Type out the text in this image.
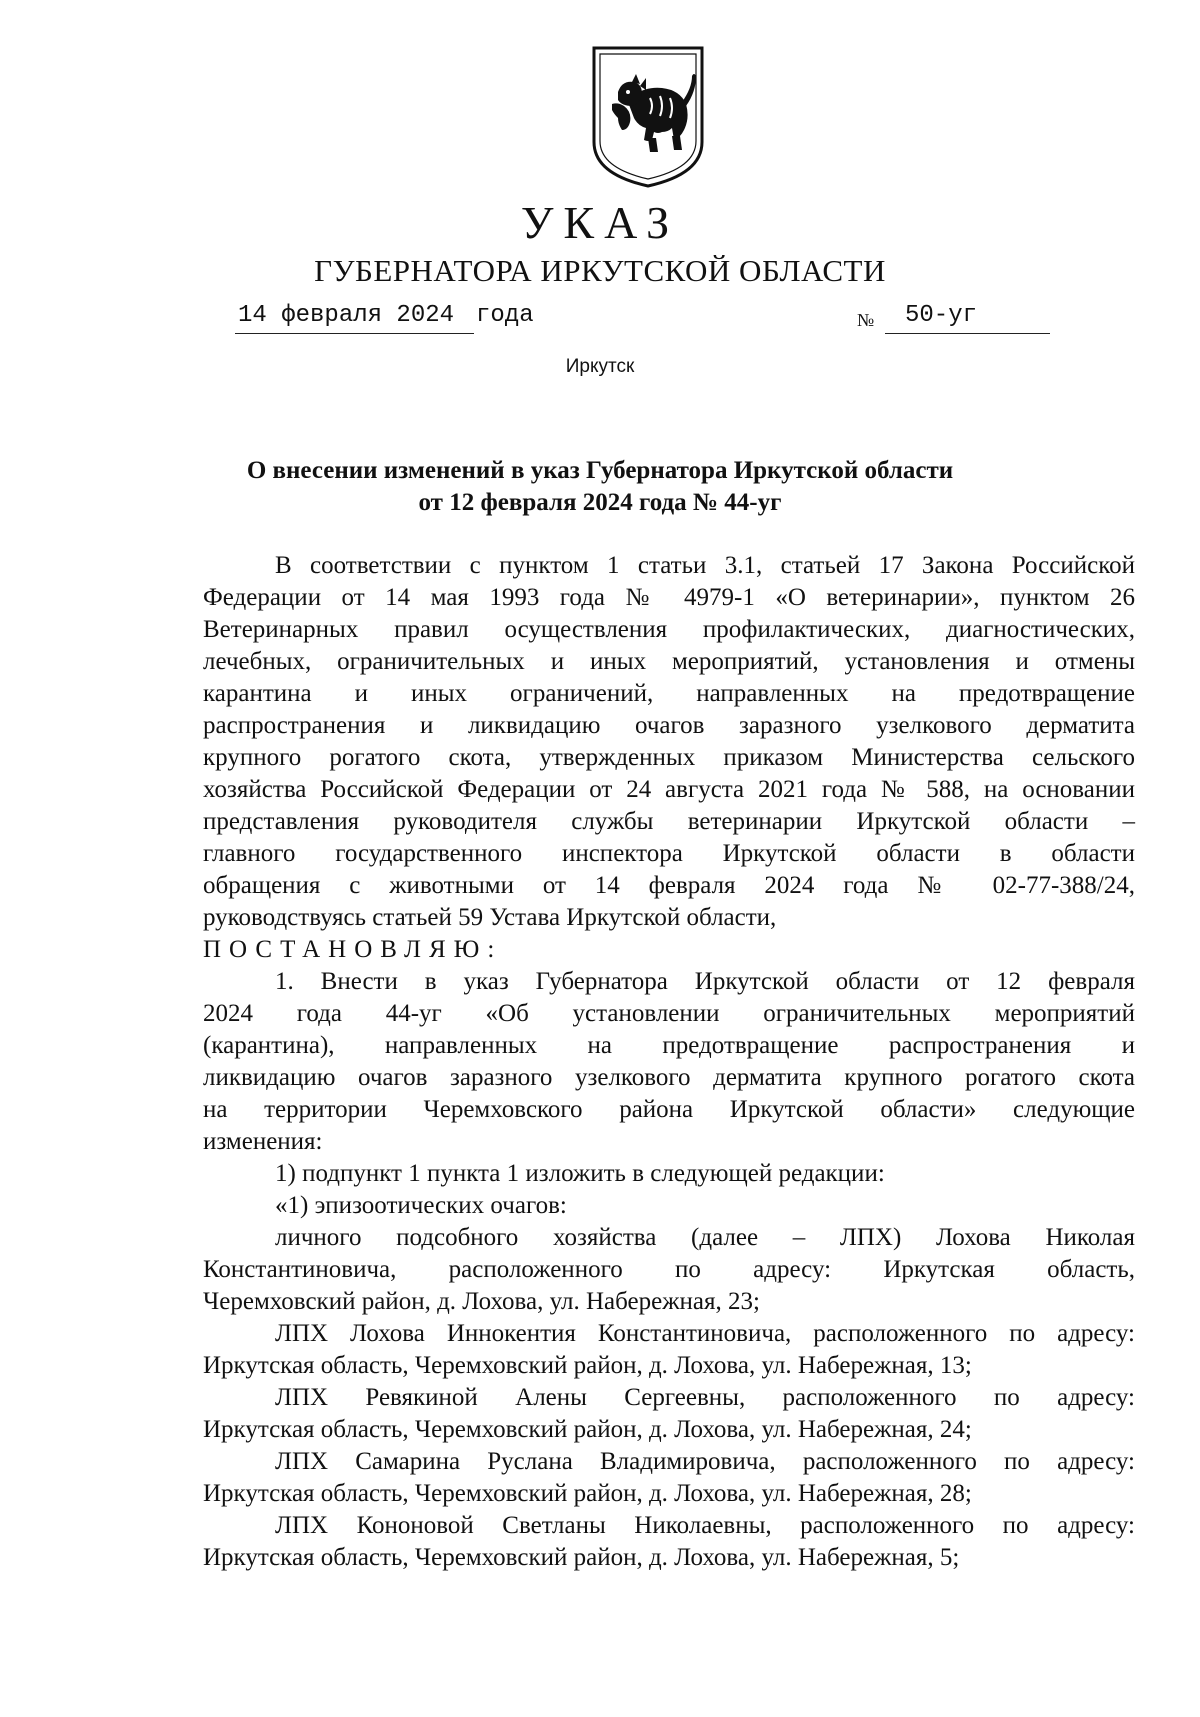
УКАЗ
ГУБЕРНАТОРА ИРКУТСКОЙ ОБЛАСТИ
14 февраля 2024 года	№	50-уг
Иркутск
О внесении изменений в указ Губернатора Иркутской области
от 12 февраля 2024 года № 44-уг

В соответствии с пунктом 1 статьи 3.1, статьей 17 Закона Российской

Федерации от 14 мая 1993 года № 4979-1 «О ветеринарии», пунктом 26

Ветеринарных правил осуществления профилактических, диагностических,

лечебных, ограничительных и иных мероприятий, установления и отмены

карантина и иных ограничений, направленных на предотвращение

распространения и ликвидацию очагов заразного узелкового дерматита

крупного рогатого скота, утвержденных приказом Министерства сельского

хозяйства Российской Федерации от 24 августа 2021 года № 588, на основании

представления руководителя службы ветеринарии Иркутской области –

главного государственного инспектора Иркутской области в области

обращения с животными от 14 февраля 2024 года № 02-77-388/24,

руководствуясь статьей 59 Устава Иркутской области,

ПОСТАНОВЛЯЮ:

1. Внести в указ Губернатора Иркутской области от 12 февраля

2024 года 44-уг «Об установлении ограничительных мероприятий

(карантина), направленных на предотвращение распространения и

ликвидацию очагов заразного узелкового дерматита крупного рогатого скота

на территории Черемховского района Иркутской области» следующие

изменения:

1) подпункт 1 пункта 1 изложить в следующей редакции:

«1) эпизоотических очагов:

личного подсобного хозяйства (далее – ЛПХ) Лохова Николая

Константиновича, расположенного по адресу: Иркутская область,

Черемховский район, д. Лохова, ул. Набережная, 23;

ЛПХ Лохова Иннокентия Константиновича, расположенного по адресу:

Иркутская область, Черемховский район, д. Лохова, ул. Набережная, 13;

ЛПХ Ревякиной Алены Сергеевны, расположенного по адресу:

Иркутская область, Черемховский район, д. Лохова, ул. Набережная, 24;

ЛПХ Самарина Руслана Владимировича, расположенного по адресу:

Иркутская область, Черемховский район, д. Лохова, ул. Набережная, 28;

ЛПХ Кононовой Светланы Николаевны, расположенного по адресу:

Иркутская область, Черемховский район, д. Лохова, ул. Набережная, 5;
